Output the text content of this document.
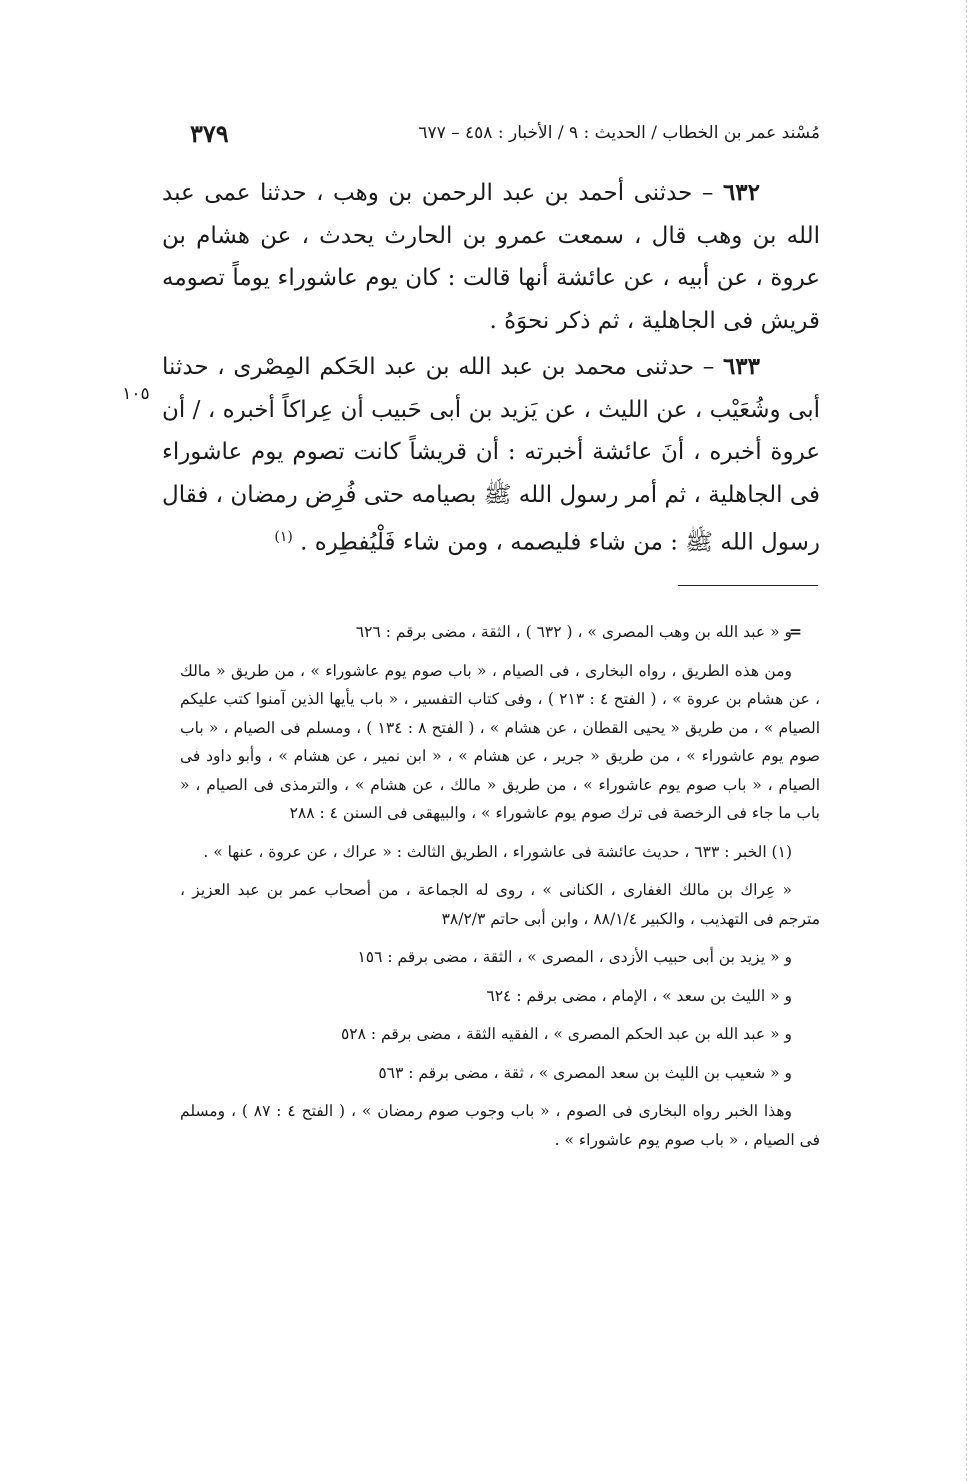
٣٧٩	مُسْند عمر بن الخطاب / الحديث : ٩ / الأخبار : ٤٥٨ – ٦٧٧

٦٣٢ – حدثنى أحمد بن عبد الرحمن بن وهب ، حدثنا عمى عبد الله بن وهب قال ، سمعت عمرو بن الحارث يحدث ، عن هشام بن عروة ، عن أبيه ، عن عائشة أنها قالت : كان يوم عاشوراء يوماً تصومه قريش فى الجاهلية ، ثم ذكر نحوَهُ .

٦٣٣ – حدثنى محمد بن عبد الله بن عبد الحَكم المِصْرى ، حدثنا أبى وشُعَيْب ، عن الليث ، عن يَزيد بن أبى حَبيب أن عِراكاً أخبره ، / أن عروة أخبره ، أنَ عائشة أخبرته : أن قريشاً كانت تصوم يوم عاشوراء فى الجاهلية ، ثم أمر رسول الله ﷺ بصيامه حتى فُرِض رمضان ، فقال رسول الله ﷺ : من شاء فليصمه ، ومن شاء فَلْيُفطِره . $^{(١)}$

١٠٥
=
و « عبد الله بن وهب المصرى » ، ( ٦٣٢ ) ، الثقة ، مضى برقم : ٦٢٦
ومن هذه الطريق ، رواه البخارى ، فى الصيام ، « باب صوم يوم عاشوراء » ، من طريق « مالك ، عن هشام بن عروة » ، ( الفتح ٤ : ٢١٣ ) ، وفى كتاب التفسير ، « باب يأيها الذين آمنوا كتب عليكم الصيام » ، من طريق « يحيى القطان ، عن هشام » ، ( الفتح ٨ : ١٣٤ ) ، ومسلم فى الصيام ، « باب صوم يوم عاشوراء » ، من طريق « جرير ، عن هشام » ، « ابن نمير ، عن هشام » ، وأبو داود فى الصيام ، « باب صوم يوم عاشوراء » ، من طريق « مالك ، عن هشام » ، والترمذى فى الصيام ، « باب ما جاء فى الرخصة فى ترك صوم يوم عاشوراء » ، والبيهقى فى السنن ٤ : ٢٨٨
(١) الخبر : ٦٣٣ ، حديث عائشة فى عاشوراء ، الطريق الثالث : « عراك ، عن عروة ، عنها » .
« عِراك بن مالك الغفارى ، الكنانى » ، روى له الجماعة ، من أصحاب عمر بن عبد العزيز ، مترجم فى التهذيب ، والكبير ٨٨/١/٤ ، وابن أبى حاتم ٣٨/٢/٣
و « يزيد بن أبى حبيب الأزدى ، المصرى » ، الثقة ، مضى برقم : ١٥٦
و « الليث بن سعد » ، الإمام ، مضى برقم : ٦٢٤
و « عبد الله بن عبد الحكم المصرى » ، الفقيه الثقة ، مضى برقم : ٥٢٨
و « شعيب بن الليث بن سعد المصرى » ، ثقة ، مضى برقم : ٥٦٣
وهذا الخبر رواه البخارى فى الصوم ، « باب وجوب صوم رمضان » ، ( الفتح ٤ : ٨٧ ) ، ومسلم فى الصيام ، « باب صوم يوم عاشوراء » .
